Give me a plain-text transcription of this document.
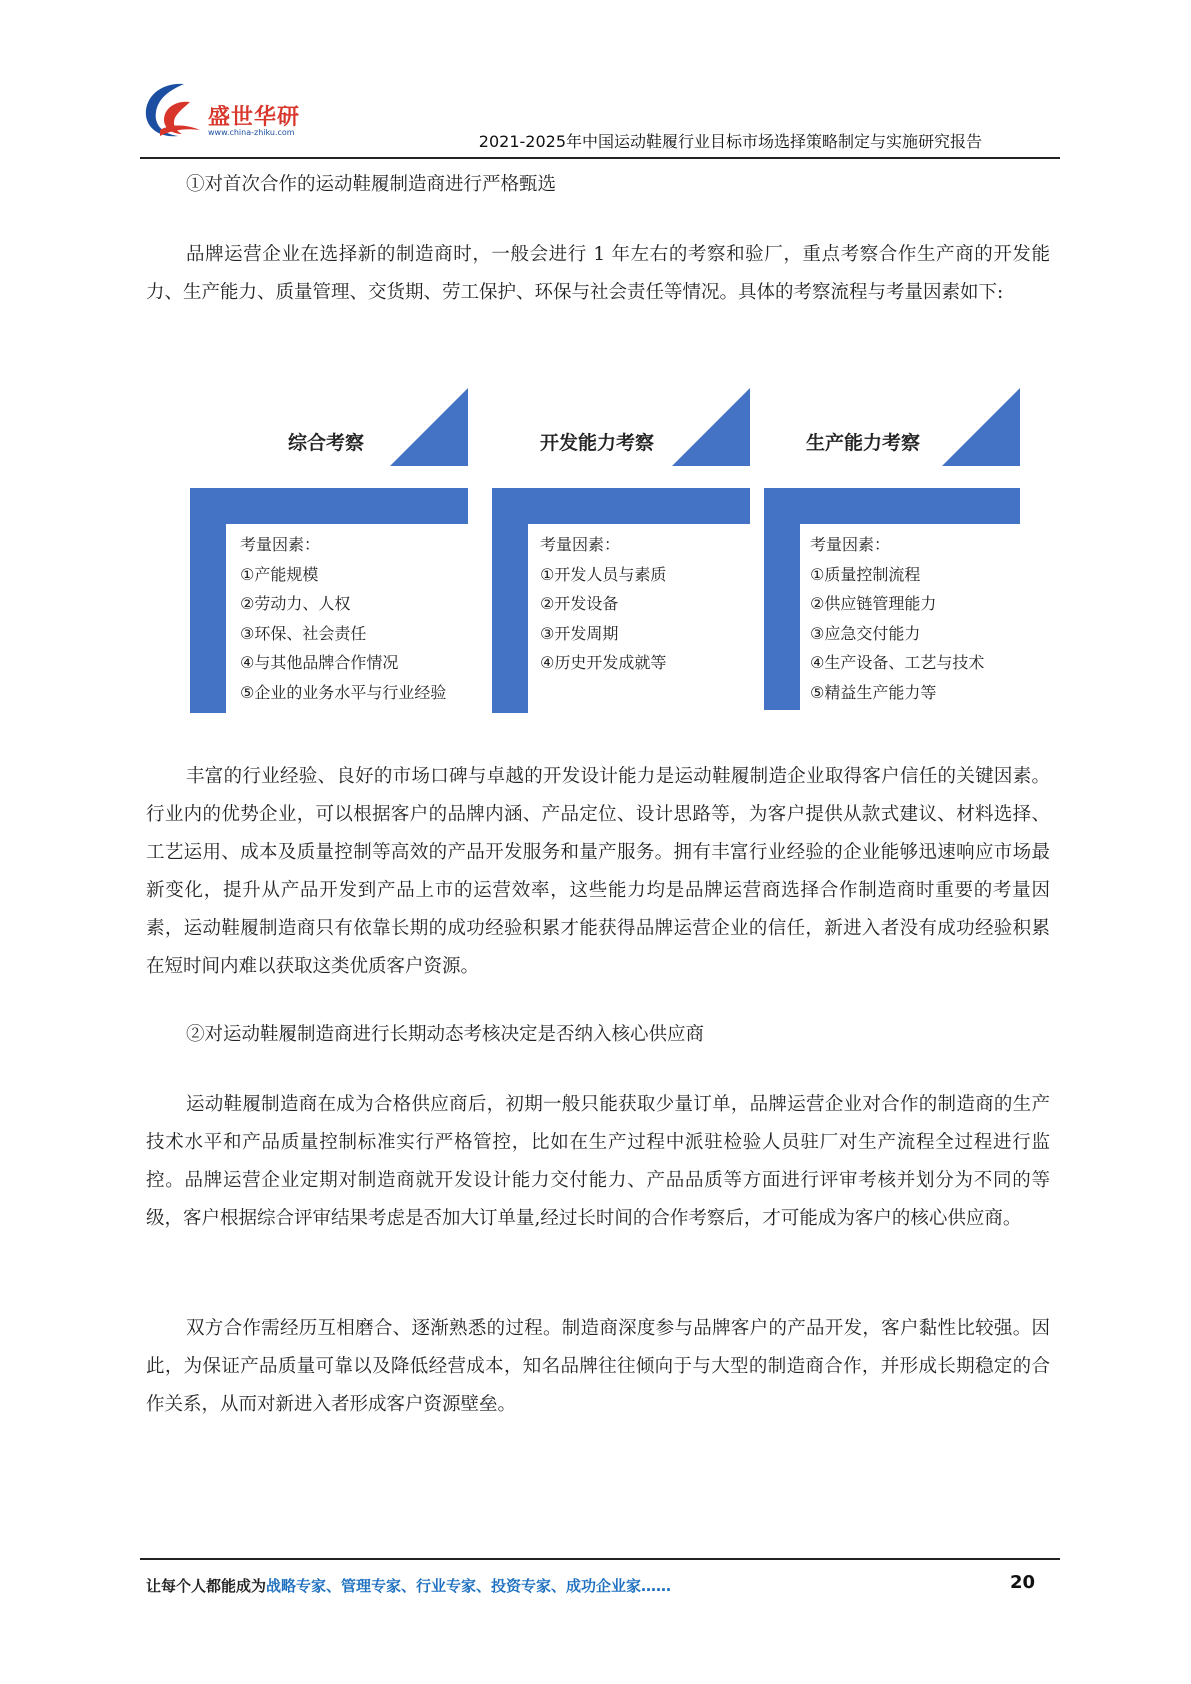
盛世华研
www.china-zhiku.com	2021-2025年中国运动鞋履行业目标市场选择策略制定与实施研究报告

①对首次合作的运动鞋履制造商进行严格甄选

品牌运营企业在选择新的制造商时，一般会进行 1 年左右的考察和验厂，重点考察合作生产商的开发能力、生产能力、质量管理、交货期、劳工保护、环保与社会责任等情况。具体的考察流程与考量因素如下:

综合考察
考量因素：
①产能规模
②劳动力、人权
③环保、社会责任
④与其他品牌合作情况
⑤企业的业务水平与行业经验
开发能力考察
考量因素：
①开发人员与素质
②开发设备
③开发周期
④历史开发成就等
生产能力考察
考量因素：
①质量控制流程
②供应链管理能力
③应急交付能力
④生产设备、工艺与技术
⑤精益生产能力等

丰富的行业经验、良好的市场口碑与卓越的开发设计能力是运动鞋履制造企业取得客户信任的关键因素。行业内的优势企业，可以根据客户的品牌内涵、产品定位、设计思路等，为客户提供从款式建议、材料选择、工艺运用、成本及质量控制等高效的产品开发服务和量产服务。拥有丰富行业经验的企业能够迅速响应市场最新变化，提升从产品开发到产品上市的运营效率，这些能力均是品牌运营商选择合作制造商时重要的考量因素，运动鞋履制造商只有依靠长期的成功经验积累才能获得品牌运营企业的信任，新进入者没有成功经验积累在短时间内难以获取这类优质客户资源。

②对运动鞋履制造商进行长期动态考核决定是否纳入核心供应商

运动鞋履制造商在成为合格供应商后，初期一般只能获取少量订单，品牌运营企业对合作的制造商的生产技术水平和产品质量控制标准实行严格管控，比如在生产过程中派驻检验人员驻厂对生产流程全过程进行监控。品牌运营企业定期对制造商就开发设计能力交付能力、产品品质等方面进行评审考核并划分为不同的等级，客户根据综合评审结果考虑是否加大订单量,经过长时间的合作考察后，才可能成为客户的核心供应商。

双方合作需经历互相磨合、逐渐熟悉的过程。制造商深度参与品牌客户的产品开发，客户黏性比较强。因此，为保证产品质量可靠以及降低经营成本，知名品牌往往倾向于与大型的制造商合作，并形成长期稳定的合作关系，从而对新进入者形成客户资源壁垒。

让每个人都能成为战略专家、管理专家、行业专家、投资专家、成功企业家……	20
